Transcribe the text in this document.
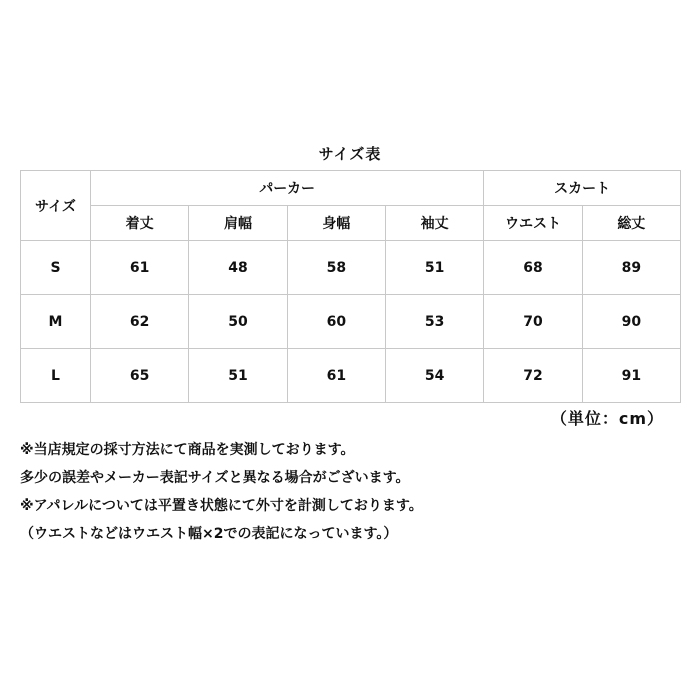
サイズ表
サイズ	パーカー				スカート	
	着丈	肩幅	身幅	袖丈	ウエスト	総丈
S	61	48	58	51	68	89
M	62	50	60	53	70	90
L	65	51	61	54	72	91
（単位：cm）
※当店規定の採寸方法にて商品を実測しております。
多少の誤差やメーカー表記サイズと異なる場合がございます。
※アパレルについては平置き状態にて外寸を計測しております。
（ウエストなどはウエスト幅×2での表記になっています。）
